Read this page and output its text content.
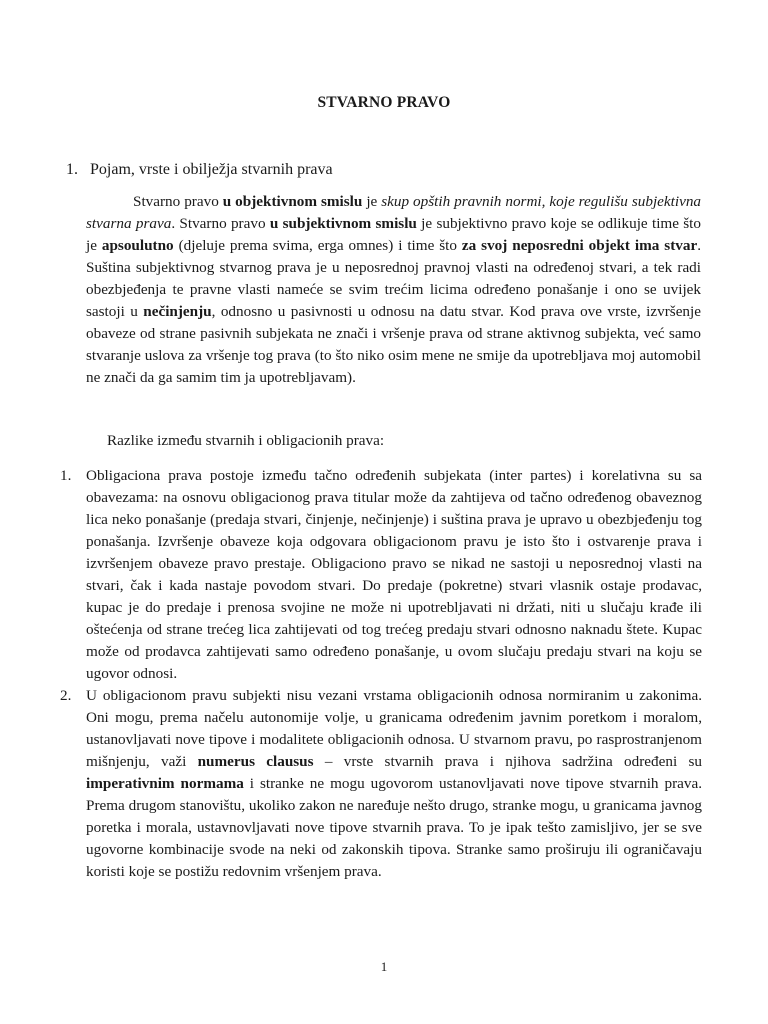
STVARNO PRAVO
1. Pojam, vrste i obilježja stvarnih prava
Stvarno pravo u objektivnom smislu je skup opštih pravnih normi, koje regulišu subjektivna stvarna prava. Stvarno pravo u subjektivnom smislu je subjektivno pravo koje se odlikuje time što je apsoulutno (djeluje prema svima, erga omnes) i time što za svoj neposredni objekt ima stvar. Suština subjektivnog stvarnog prava je u neposrednoj pravnoj vlasti na određenoj stvari, a tek radi obezbjeđenja te pravne vlasti nameće se svim trećim licima određeno ponašanje i ono se uvijek sastoji u nečinjenju, odnosno u pasivnosti u odnosu na datu stvar. Kod prava ove vrste, izvršenje obaveze od strane pasivnih subjekata ne znači i vršenje prava od strane aktivnog subjekta, već samo stvaranje uslova za vršenje tog prava (to što niko osim mene ne smije da upotrebljava moj automobil ne znači da ga samim tim ja upotrebljavam).
Razlike između stvarnih i obligacionih prava:
1. Obligaciona prava postoje između tačno određenih subjekata (inter partes) i korelativna su sa obavezama: na osnovu obligacionog prava titular može da zahtijeva od tačno određenog obaveznog lica neko ponašanje (predaja stvari, činjenje, nečinjenje) i suština prava je upravo u obezbjeđenju tog ponašanja. Izvršenje obaveze koja odgovara obligacionom pravu je isto što i ostvarenje prava i izvršenjem obaveze pravo prestaje. Obligaciono pravo se nikad ne sastoji u neposrednoj vlasti na stvari, čak i kada nastaje povodom stvari. Do predaje (pokretne) stvari vlasnik ostaje prodavac, kupac je do predaje i prenosa svojine ne može ni upotrebljavati ni držati, niti u slučaju krađe ili oštećenja od strane trećeg lica zahtijevati od tog trećeg predaju stvari odnosno naknadu štete. Kupac može od prodavca zahtijevati samo određeno ponašanje, u ovom slučaju predaju stvari na koju se ugovor odnosi.
2. U obligacionom pravu subjekti nisu vezani vrstama obligacionih odnosa normiranim u zakonima. Oni mogu, prema načelu autonomije volje, u granicama određenim javnim poretkom i moralom, ustanovljavati nove tipove i modalitete obligacionih odnosa. U stvarnom pravu, po rasprostranjenom mišnjenju, važi numerus clausus – vrste stvarnih prava i njihova sadržina određeni su imperativnim normama i stranke ne mogu ugovorom ustanovljavati nove tipove stvarnih prava. Prema drugom stanovištu, ukoliko zakon ne naređuje nešto drugo, stranke mogu, u granicama javnog poretka i morala, ustavnovljavati nove tipove stvarnih prava. To je ipak tešto zamisljivo, jer se sve ugovorne kombinacije svode na neki od zakonskih tipova. Stranke samo proširuju ili ograničavaju koristi koje se postižu redovnim vršenjem prava.
1
